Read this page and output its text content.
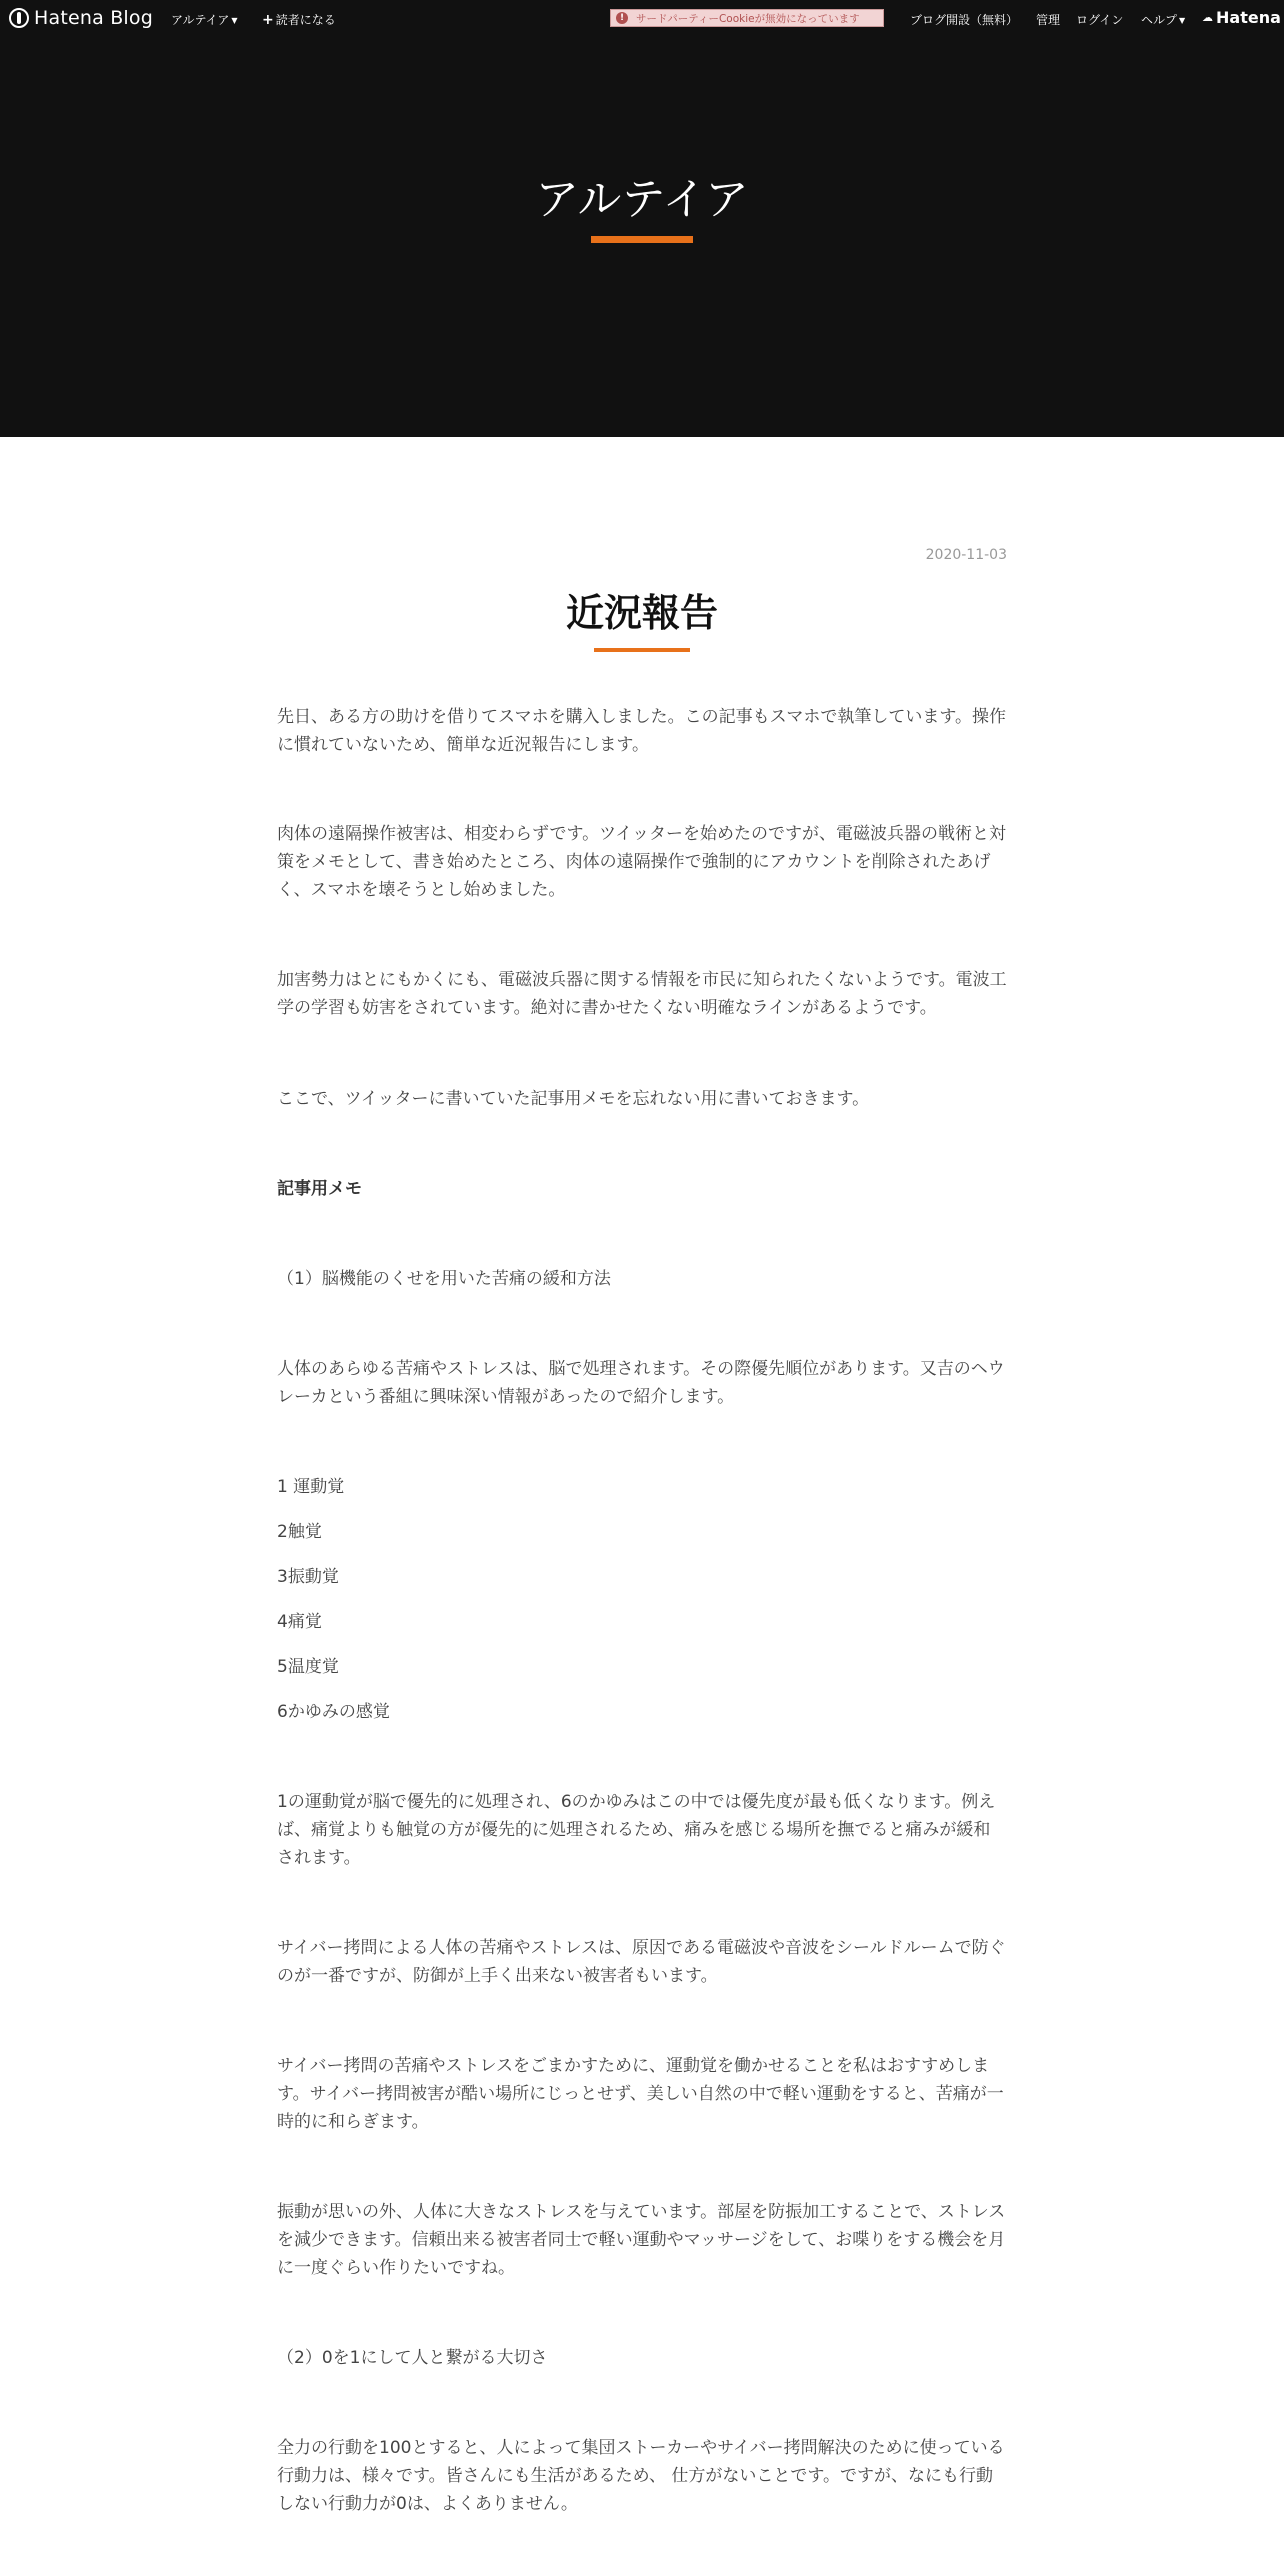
Hatena Blog アルテイア ▼ + 読者になる	!	サードパーティーCookieが無効になっています	ブログ開設（無料） 管理 ログイン ヘルプ ▼ ☁ Hatena
アルテイア
2020-11-03
近況報告

先日、ある方の助けを借りてスマホを購入しました。この記事もスマホで執筆しています。操作に慣れていないため、簡単な近況報告にします。

肉体の遠隔操作被害は、相変わらずです。ツイッターを始めたのですが、電磁波兵器の戦術と対策をメモとして、書き始めたところ、肉体の遠隔操作で強制的にアカウントを削除されたあげく、スマホを壊そうとし始めました。

加害勢力はとにもかくにも、電磁波兵器に関する情報を市民に知られたくないようです。電波工学の学習も妨害をされています。絶対に書かせたくない明確なラインがあるようです。

ここで、ツイッターに書いていた記事用メモを忘れない用に書いておきます。

記事用メモ

（1）脳機能のくせを用いた苦痛の緩和方法

人体のあらゆる苦痛やストレスは、脳で処理されます。その際優先順位があります。又吉のヘウレーカという番組に興味深い情報があったので紹介します。

1 運動覚

2触覚

3振動覚

4痛覚

5温度覚

6かゆみの感覚

1の運動覚が脳で優先的に処理され、6のかゆみはこの中では優先度が最も低くなります。例えば、痛覚よりも触覚の方が優先的に処理されるため、痛みを感じる場所を撫でると痛みが緩和されます。

サイバー拷問による人体の苦痛やストレスは、原因である電磁波や音波をシールドルームで防ぐのが一番ですが、防御が上手く出来ない被害者もいます。

サイバー拷問の苦痛やストレスをごまかすために、運動覚を働かせることを私はおすすめします。サイバー拷問被害が酷い場所にじっとせず、美しい自然の中で軽い運動をすると、苦痛が一時的に和らぎます。

振動が思いの外、人体に大きなストレスを与えています。部屋を防振加工することで、ストレスを減少できます。信頼出来る被害者同士で軽い運動やマッサージをして、お喋りをする機会を月に一度ぐらい作りたいですね。

（2）0を1にして人と繋がる大切さ

全力の行動を100とすると、人によって集団ストーカーやサイバー拷問解決のために使っている行動力は、様々です。皆さんにも生活があるため、 仕方がないことです。ですが、なにも行動しない行動力が0は、よくありません。
